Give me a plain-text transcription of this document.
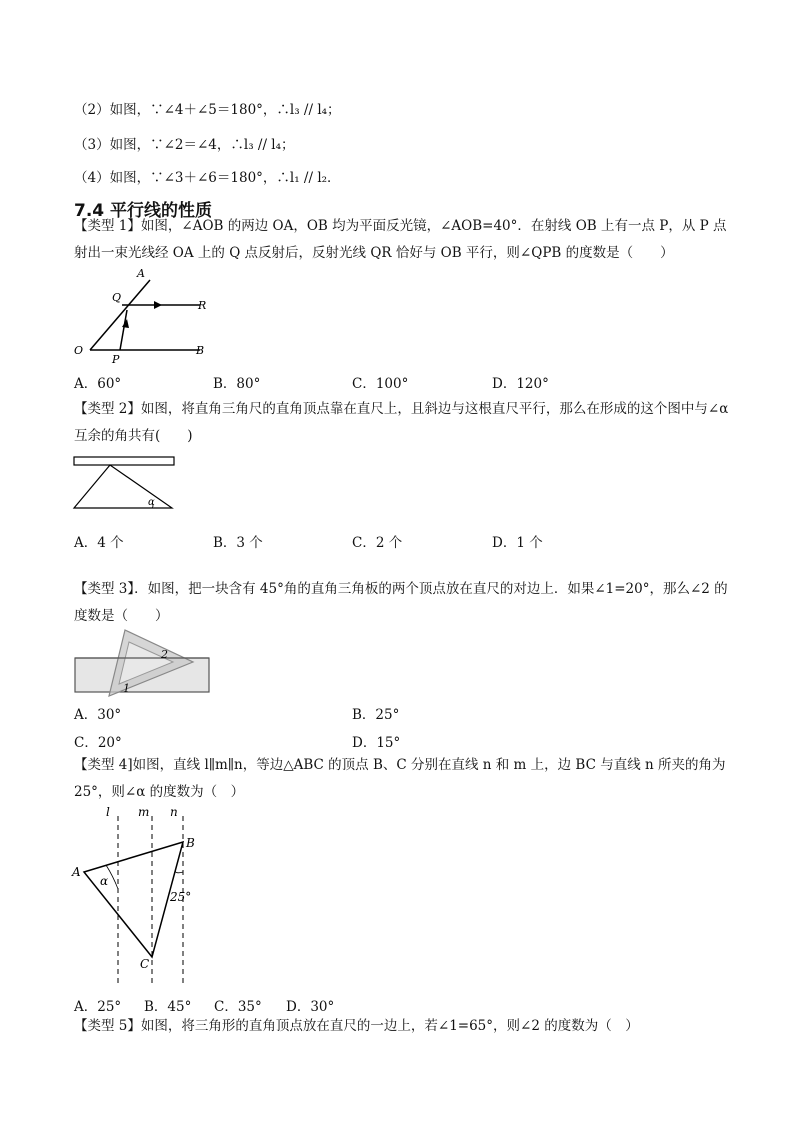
（2）如图，∵∠4＋∠5＝180°，∴l₃ // l₄；
（3）如图，∵∠2＝∠4，∴l₃ // l₄；
（4）如图，∵∠3＋∠6＝180°，∴l₁ // l₂．
7.4 平行线的性质
【类型 1】如图，∠AOB 的两边 OA，OB 均为平面反光镜，∠AOB=40°．在射线 OB 上有一点 P，从 P 点射出一束光线经 OA 上的 Q 点反射后，反射光线 QR 恰好与 OB 平行，则∠QPB 的度数是（　　）
A
Q
R
O
P
B
A．60°	B．80°	C．100°	D．120°
【类型 2】如图，将直角三角尺的直角顶点靠在直尺上，且斜边与这根直尺平行，那么在形成的这个图中与∠α 互余的角共有(　　)
α
A．4 个	B．3 个	C．2 个	D．1 个
【类型 3】．如图，把一块含有 45°角的直角三角板的两个顶点放在直尺的对边上．如果∠1=20°，那么∠2 的度数是（　　）
2
1
A．30°	B．25°
C．20°	D．15°
【类型 4]如图，直线 l∥m∥n，等边△ABC 的顶点 B、C 分别在直线 n 和 m 上，边 BC 与直线 n 所夹的角为 25°，则∠α 的度数为（　）
l m n
A
B
C
α
25°
A．25° B．45° C．35° D．30°
【类型 5】如图，将三角形的直角顶点放在直尺的一边上，若∠1=65°，则∠2 的度数为（　）
